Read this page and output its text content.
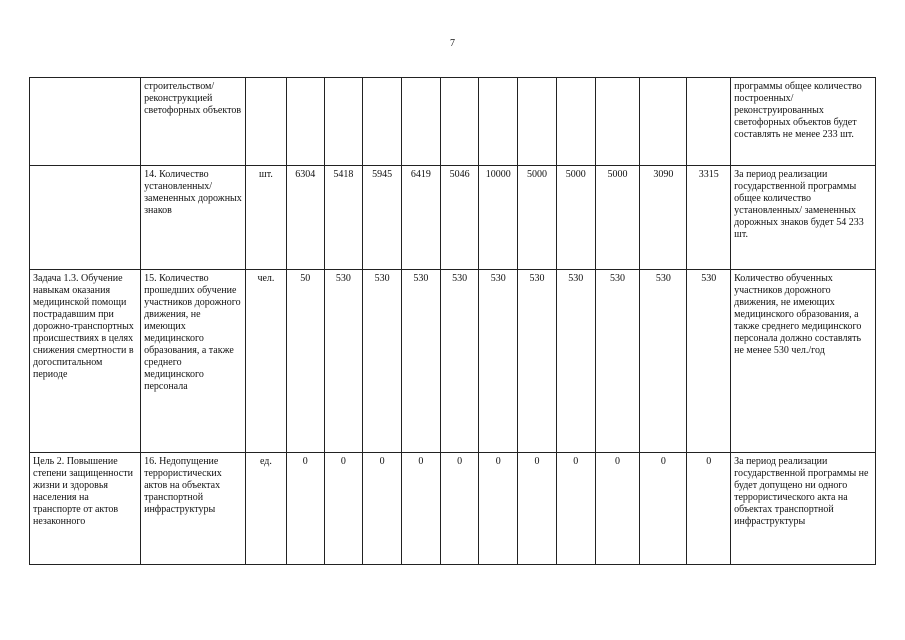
7
	строительством/ реконструкцией светофорных объектов													программы общее количество построенных/ реконструированных светофорных объектов будет составлять не менее 233 шт.
	14. Количество установленных/ замененных дорожных знаков	шт.	6304	5418	5945	6419	5046	10000	5000	5000	5000	3090	3315	За период реализации государственной программы общее количество установленных/ замененных дорожных знаков будет 54 233 шт.
Задача 1.3. Обучение навыкам оказания медицинской помощи пострадавшим при дорожно-транспортных происшествиях в целях снижения смертности в догоспитальном периоде	15. Количество прошедших обучение участников дорожного движения, не имеющих медицинского образования, а также среднего медицинского персонала	чел.	50	530	530	530	530	530	530	530	530	530	530	Количество обученных участников дорожного движения, не имеющих медицинского образования, а также среднего медицинского персонала должно составлять не менее 530 чел./год
Цель 2. Повышение степени защищенности жизни и здоровья населения на транспорте от актов незаконного	16. Недопущение террористических актов на объектах транспортной инфраструктуры	ед.	0	0	0	0	0	0	0	0	0	0	0	За период реализации государственной программы не будет допущено ни одного террористического акта на объектах транспортной инфраструктуры
